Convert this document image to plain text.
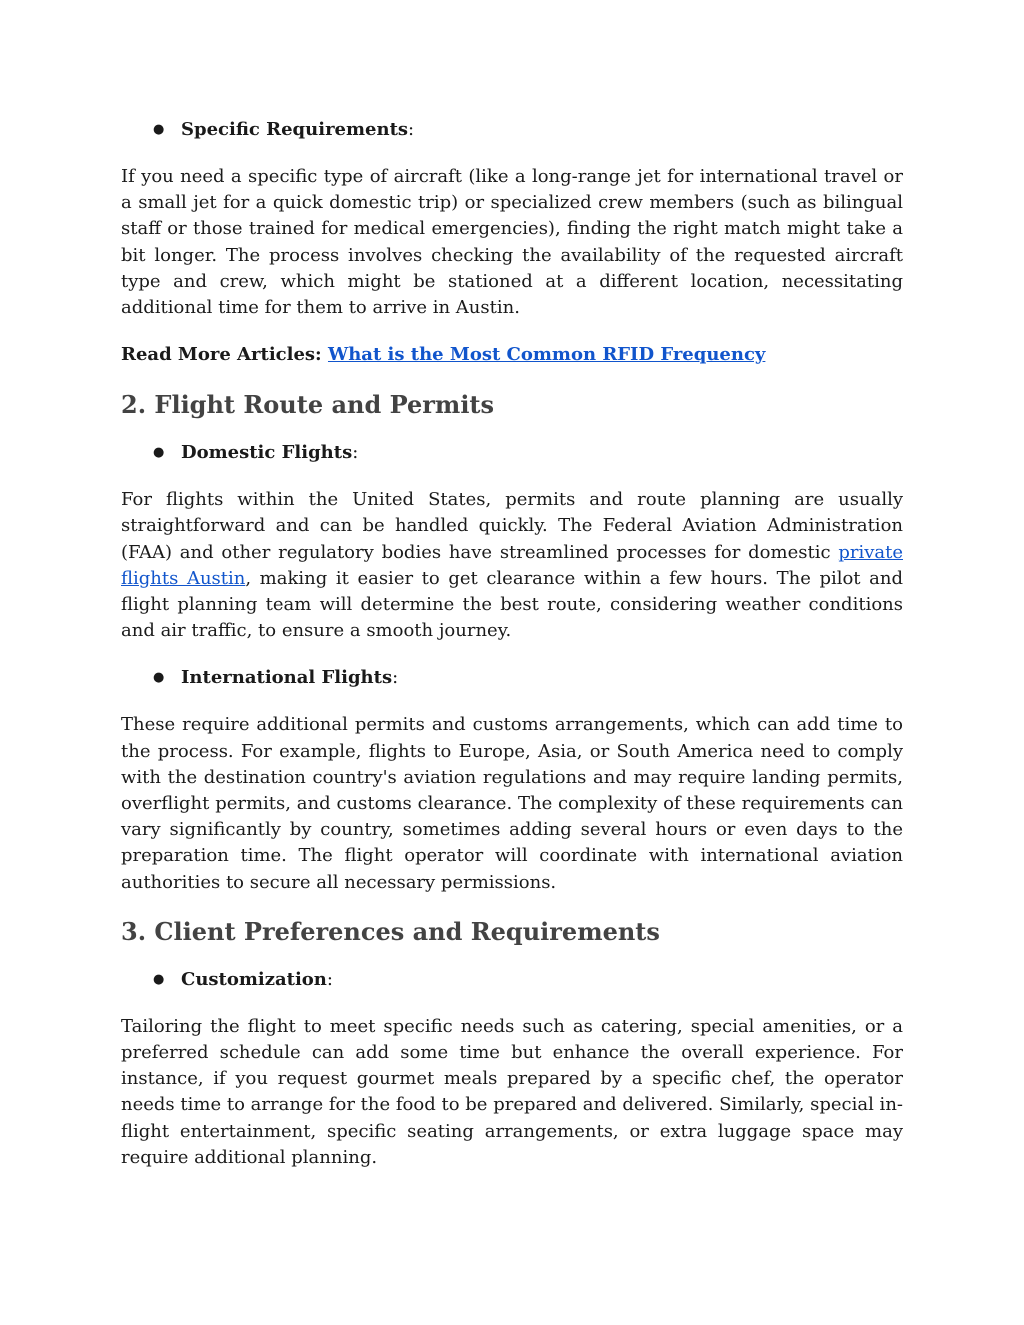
● Specific Requirements:

If you need a specific type of aircraft (like a long-range jet for international travel or a small jet for a quick domestic trip) or specialized crew members (such as bilingual staff or those trained for medical emergencies), finding the right match might take a bit longer. The process involves checking the availability of the requested aircraft type and crew, which might be stationed at a different location, necessitating additional time for them to arrive in Austin.

Read More Articles: What is the Most Common RFID Frequency

2. Flight Route and Permits
● Domestic Flights:

For flights within the United States, permits and route planning are usually straightforward and can be handled quickly. The Federal Aviation Administration (FAA) and other regulatory bodies have streamlined processes for domestic private flights Austin, making it easier to get clearance within a few hours. The pilot and flight planning team will determine the best route, considering weather conditions and air traffic, to ensure a smooth journey.

● International Flights:

These require additional permits and customs arrangements, which can add time to the process. For example, flights to Europe, Asia, or South America need to comply with the destination country's aviation regulations and may require landing permits, overflight permits, and customs clearance. The complexity of these requirements can vary significantly by country, sometimes adding several hours or even days to the preparation time. The flight operator will coordinate with international aviation authorities to secure all necessary permissions.

3. Client Preferences and Requirements
● Customization:

Tailoring the flight to meet specific needs such as catering, special amenities, or a preferred schedule can add some time but enhance the overall experience. For instance, if you request gourmet meals prepared by a specific chef, the operator needs time to arrange for the food to be prepared and delivered. Similarly, special in-flight entertainment, specific seating arrangements, or extra luggage space may require additional planning.
